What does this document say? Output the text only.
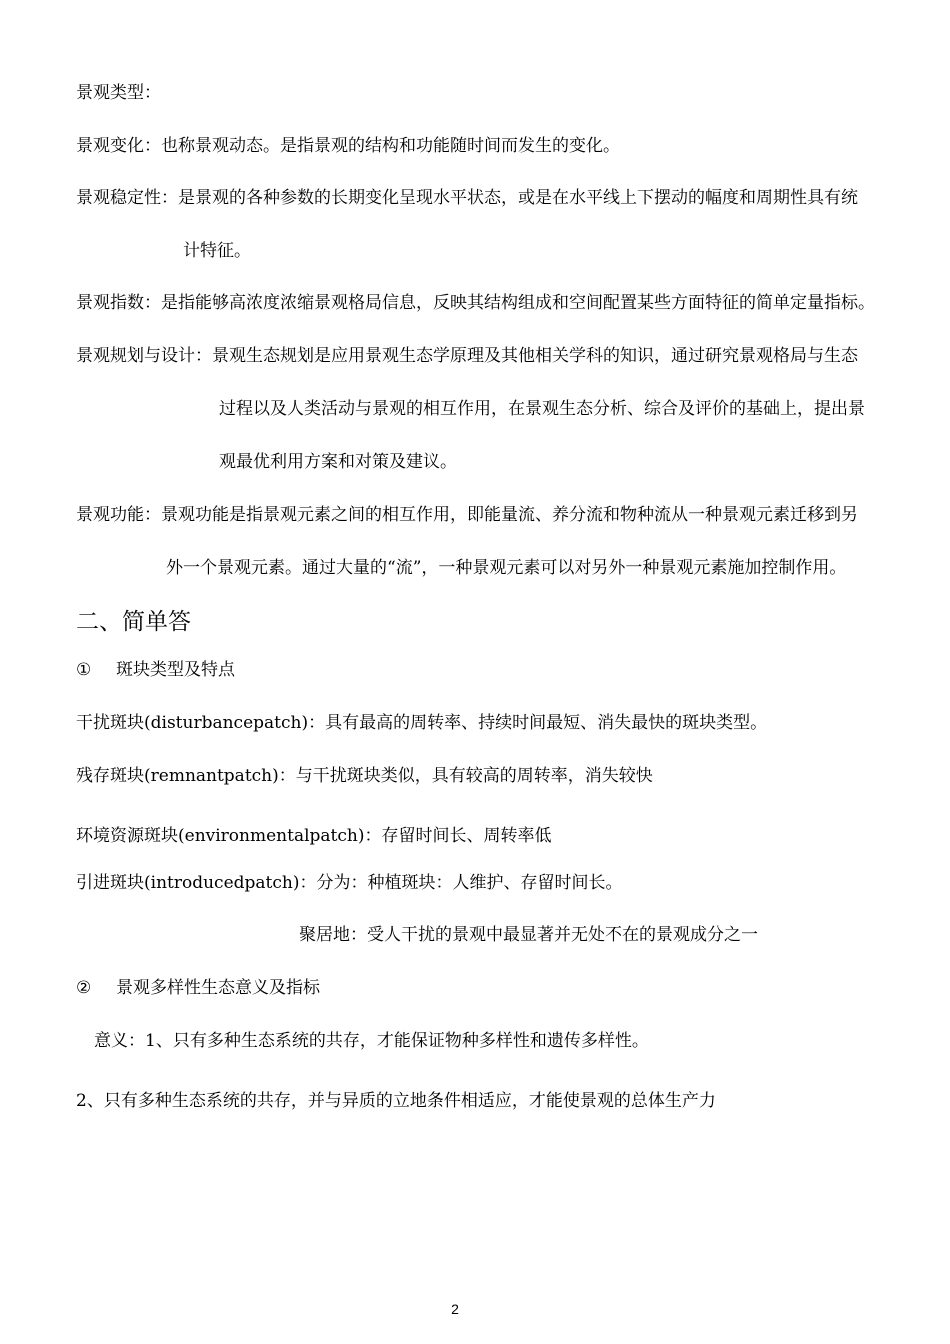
景观类型：
景观变化：也称景观动态。是指景观的结构和功能随时间而发生的变化。
景观稳定性：是景观的各种参数的长期变化呈现水平状态，或是在水平线上下摆动的幅度和周期性具有统
计特征。
景观指数：是指能够高浓度浓缩景观格局信息，反映其结构组成和空间配置某些方面特征的简单定量指标。
景观规划与设计：景观生态规划是应用景观生态学原理及其他相关学科的知识，通过研究景观格局与生态
过程以及人类活动与景观的相互作用，在景观生态分析、综合及评价的基础上，提出景
观最优利用方案和对策及建议。
景观功能：景观功能是指景观元素之间的相互作用，即能量流、养分流和物种流从一种景观元素迁移到另
外一个景观元素。通过大量的“流”，一种景观元素可以对另外一种景观元素施加控制作用。
二、简单答
① 斑块类型及特点
干扰斑块(disturbancepatch)：具有最高的周转率、持续时间最短、消失最快的斑块类型。
残存斑块(remnantpatch)：与干扰斑块类似，具有较高的周转率，消失较快
环境资源斑块(environmentalpatch)：存留时间长、周转率低
引进斑块(introducedpatch)：分为：种植斑块：人维护、存留时间长。
聚居地：受人干扰的景观中最显著并无处不在的景观成分之一
② 景观多样性生态意义及指标
意义：1、只有多种生态系统的共存，才能保证物种多样性和遗传多样性。
2、只有多种生态系统的共存，并与异质的立地条件相适应，才能使景观的总体生产力
2
